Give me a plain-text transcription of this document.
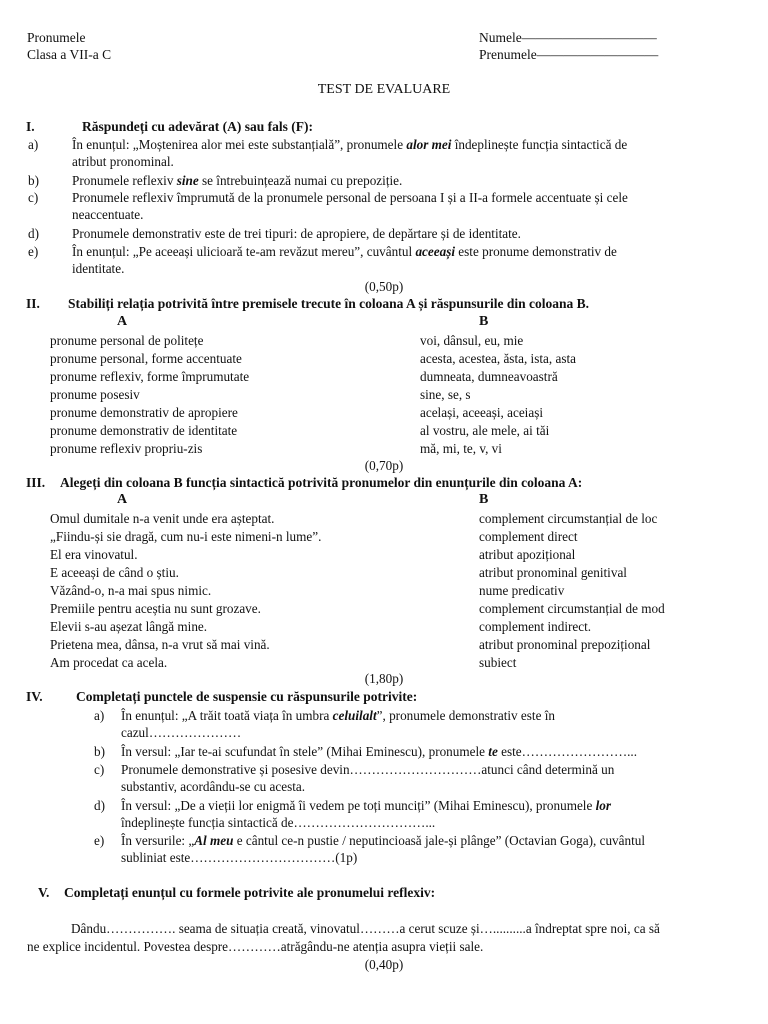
Pronumele
Clasa a VII-a C
Numele——————————
Prenumele—————————
TEST DE EVALUARE
I.	Răspundeți cu adevărat (A) sau fals (F):
a)	În enunțul: „Moștenirea alor mei este substanțială”, pronumele alor mei îndeplinește funcția sintactică de
atribut pronominal.
b)	Pronumele reflexiv sine se întrebuințează numai cu prepoziție.
c)	Pronumele reflexiv împrumută de la pronumele personal de persoana I și a II-a formele accentuate și cele
neaccentuate.
d)	Pronumele demonstrativ este de trei tipuri: de apropiere, de depărtare și de identitate.
e)	În enunțul: „Pe aceeași ulicioară te-am revăzut mereu”, cuvântul aceeași este pronume demonstrativ de
identitate.
(0,50p)
II. Stabiliți relația potrivită între premisele trecute în coloana A și răspunsurile din coloana B.
A	B
pronume personal de politețe	voi, dânsul, eu, mie
pronume personal, forme accentuate	acesta, acestea, ăsta, ista, asta
pronume reflexiv, forme împrumutate	dumneata, dumneavoastră
pronume posesiv	sine, se, s
pronume demonstrativ de apropiere	același, aceeași, aceiași
pronume demonstrativ de identitate	al vostru, ale mele, ai tăi
pronume reflexiv propriu-zis	mă, mi, te, v, vi
(0,70p)
III. Alegeți din coloana B funcția sintactică potrivită pronumelor din enunțurile din coloana A:
A	B
Omul dumitale n-a venit unde era așteptat.	complement circumstanțial de loc
„Fiindu-și sie dragă, cum nu-i este nimeni-n lume”.	complement direct
El era vinovatul.	atribut apozițional
E aceeași de când o știu.	atribut pronominal genitival
Văzând-o, n-a mai spus nimic.	nume predicativ
Premiile pentru aceștia nu sunt grozave.	complement circumstanțial de mod
Elevii s-au așezat lângă mine.	complement indirect.
Prietena mea, dânsa, n-a vrut să mai vină.	atribut pronominal prepozițional
Am procedat ca acela.	subiect
(1,80p)
IV. Completați punctele de suspensie cu răspunsurile potrivite:
a) În enunțul: „A trăit toată viața în umbra celuilalt”, pronumele demonstrativ este în
cazul…………………
b) În versul: „Iar te-ai scufundat în stele” (Mihai Eminescu), pronumele te este……………………...
c) Pronumele demonstrative și posesive devin…………………………atunci când determină un
substantiv, acordându-se cu acesta.
d) În versul: „De a vieții lor enigmă îi vedem pe toți munciți” (Mihai Eminescu), pronumele lor
îndeplinește funcția sintactică de…………………………...
e) În versurile: „Al meu e cântul ce-n pustie / neputincioasă jale-și plânge” (Octavian Goga), cuvântul
subliniat este……………………………(1p)
V. Completați enunțul cu formele potrivite ale pronumelui reflexiv:
Dându……………. seama de situația creată, vinovatul………a cerut scuze și…..........a îndreptat spre noi, ca să
ne explice incidentul. Povestea despre…………atrăgându-ne atenția asupra vieții sale.
(0,40p)
